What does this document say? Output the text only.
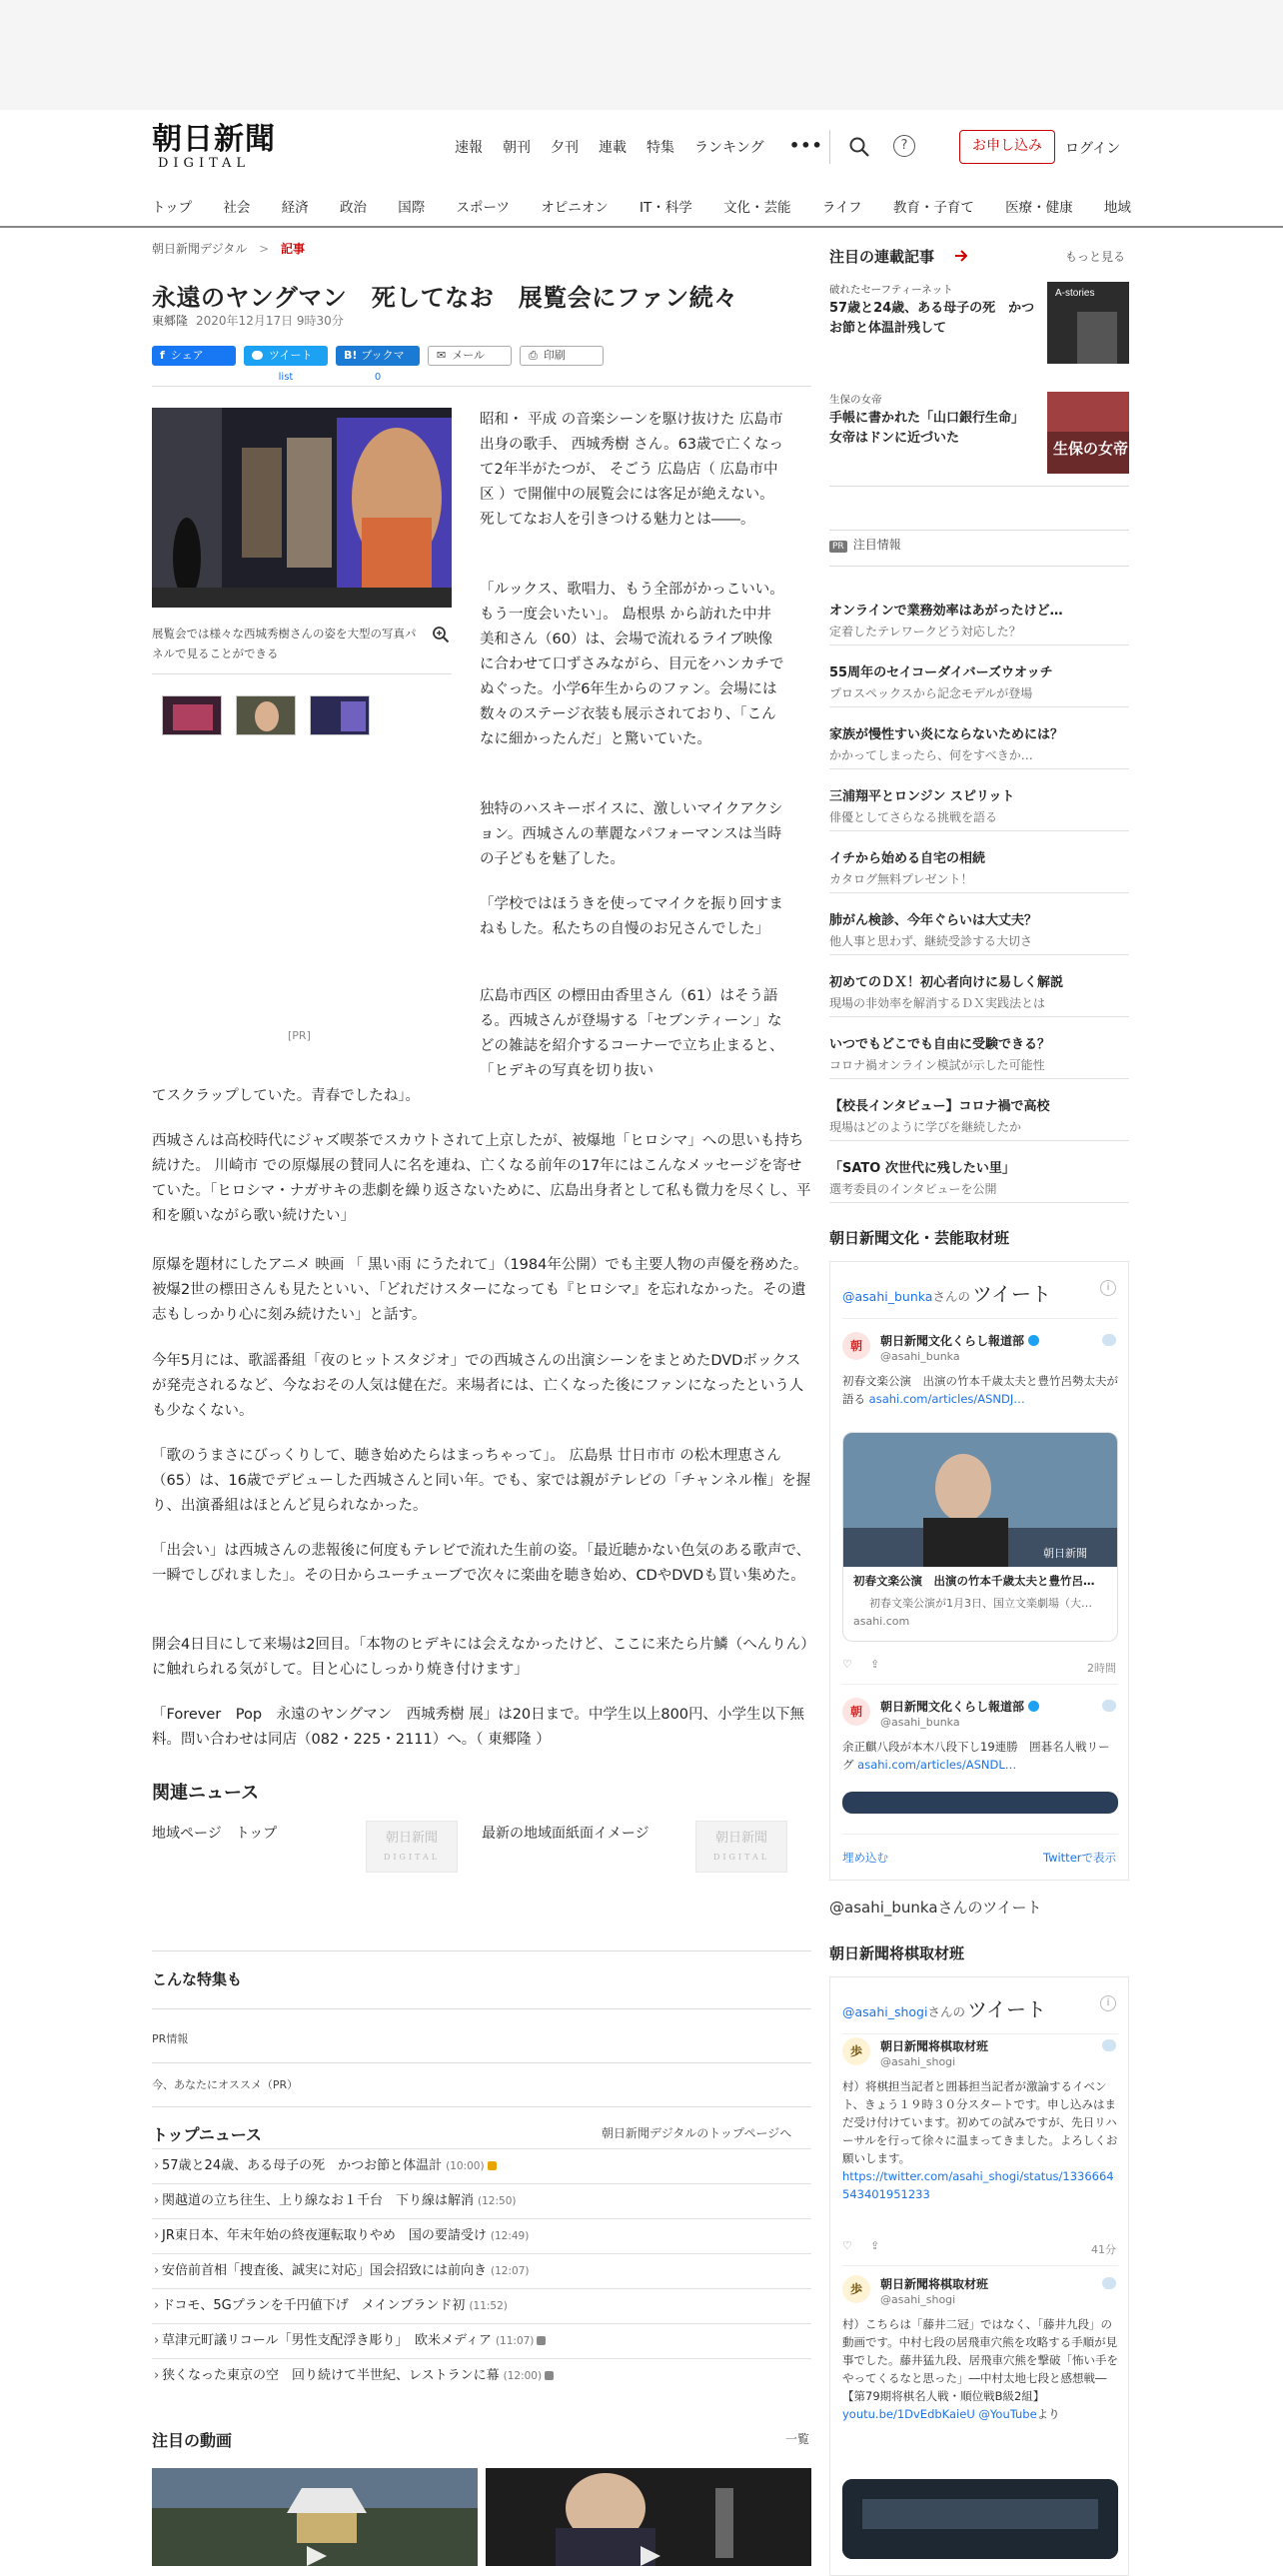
朝日新聞
DIGITAL
速報 朝刊 夕刊 連載 特集 ランキング •••	?	お申し込み	ログイン
トップ 社会 経済 政治 国際 スポーツ オピニオン IT・科学 文化・芸能 ライフ 教育・子育て 医療・健康 地域
朝日新聞デジタル > 記事
永遠のヤングマン　死してなお　展覧会にファン続々
東郷隆 2020年12月17日 9時30分
f シェア	ツイート
list
B! ブックマーク 0
✉ メール	⎙ 印刷
展覧会では様々な西城秀樹さんの姿を大型の写真パネルで見ることができる
[PR]

昭和・ 平成 の音楽シーンを駆け抜けた 広島市 出身の歌手、 西城秀樹 さん。63歳で亡くなって2年半がたつが、 そごう 広島店（ 広島市中区 ）で開催中の展覧会には客足が絶えない。死してなお人を引きつける魅力とは――。

「ルックス、歌唱力、もう全部がかっこいい。もう一度会いたい」。 島根県 から訪れた中井美和さん（60）は、会場で流れるライブ映像に合わせて口ずさみながら、目元をハンカチでぬぐった。小学6年生からのファン。会場には数々のステージ衣装も展示されており、「こんなに細かったんだ」と驚いていた。

独特のハスキーボイスに、激しいマイクアクション。西城さんの華麗なパフォーマンスは当時の子どもを魅了した。

「学校ではほうきを使ってマイクを振り回すまねもした。私たちの自慢のお兄さんでした」

広島市西区 の標田由香里さん（61）はそう語る。西城さんが登場する「セブンティーン」などの雑誌を紹介するコーナーで立ち止まると、「ヒデキの写真を切り抜い

てスクラップしていた。青春でしたね」。

西城さんは高校時代にジャズ喫茶でスカウトされて上京したが、被爆地「ヒロシマ」への思いも持ち続けた。 川崎市 での原爆展の賛同人に名を連ね、亡くなる前年の17年にはこんなメッセージを寄せていた。「ヒロシマ・ナガサキの悲劇を繰り返さないために、広島出身者として私も微力を尽くし、平和を願いながら歌い続けたい」

原爆を題材にしたアニメ 映画 「 黒い雨 にうたれて」（1984年公開）でも主要人物の声優を務めた。被爆2世の標田さんも見たといい、「どれだけスターになっても『ヒロシマ』を忘れなかった。その遺志もしっかり心に刻み続けたい」と話す。

今年5月には、歌謡番組「夜のヒットスタジオ」での西城さんの出演シーンをまとめたDVDボックスが発売されるなど、今なおその人気は健在だ。来場者には、亡くなった後にファンになったという人も少なくない。

「歌のうまさにびっくりして、聴き始めたらはまっちゃって」。 広島県 廿日市市 の松木理恵さん（65）は、16歳でデビューした西城さんと同い年。でも、家では親がテレビの「チャンネル権」を握り、出演番組はほとんど見られなかった。

「出会い」は西城さんの悲報後に何度もテレビで流れた生前の姿。「最近聴かない色気のある歌声で、一瞬でしびれました」。その日からユーチューブで次々に楽曲を聴き始め、CDやDVDも買い集めた。

開会4日目にして来場は2回目。「本物のヒデキには会えなかったけど、ここに来たら片鱗（へんりん）に触れられる気がして。目と心にしっかり焼き付けます」

「Forever　Pop　永遠のヤングマン　西城秀樹 展」は20日まで。中学生以上800円、小学生以下無料。問い合わせは同店（082・225・2111）へ。（ 東郷隆 ）

関連ニュース
地域ページ　トップ	最新の地域面紙面イメージ
朝日新聞
DIGITAL
朝日新聞
DIGITAL
こんな特集も
PR情報
今、あなたにオススメ（PR）
トップニュース	朝日新聞デジタルのトップページへ
› 57歳と24歳、ある母子の死　かつお節と体温計 (10:00)
› 関越道の立ち往生、上り線なお１千台　下り線は解消 (12:50)
› JR東日本、年末年始の終夜運転取りやめ　国の要請受け (12:49)
› 安倍前首相「捜査後、誠実に対応」国会招致には前向き (12:07)
› ドコモ、5Gプランを千円値下げ　メインブランド初 (11:52)
› 草津元町議リコール「男性支配浮き彫り」　欧米メディア (11:07)
› 狭くなった東京の空　回り続けて半世紀、レストランに幕 (12:00)
注目の動画	一覧
注目の連載記事	もっと見る
破れたセーフティーネット
57歳と24歳、ある母子の死　かつお節と体温計残して
A-stories
生保の女帝
手帳に書かれた「山口銀行生命」　女帝はドンに近づいた
生保の女帝
PR 注目情報
オンラインで業務効率はあがったけど…
定着したテレワークどう対応した？
55周年のセイコーダイバーズウオッチ
プロスペックスから記念モデルが登場
家族が慢性すい炎にならないためには？
かかってしまったら、何をすべきか…
三浦翔平とロンジン スピリット
俳優としてさらなる挑戦を語る
イチから始める自宅の相続
カタログ無料プレゼント！
肺がん検診、今年ぐらいは大丈夫？
他人事と思わず、継続受診する大切さ
初めてのＤＸ！初心者向けに易しく解説
現場の非効率を解消するＤＸ実践法とは
いつでもどこでも自由に受験できる？
コロナ禍オンライン模試が示した可能性
【校長インタビュー】コロナ禍で高校
現場はどのように学びを継続したか
「SATO 次世代に残したい里」
選考委員のインタビューを公開
朝日新聞文化・芸能取材班
@asahi_bunkaさんの ツイート	i
朝	朝日新聞文化くらし報道部
@asahi_bunka
初春文楽公演　出演の竹本千歳太夫と豊竹呂勢太夫が語る asahi.com/articles/ASNDJ…
朝日新聞
初春文楽公演　出演の竹本千歳太夫と豊竹呂…
初春文楽公演が1月3日、国立文楽劇場（大…
asahi.com
♡ ⇪	2時間
朝	朝日新聞文化くらし報道部
@asahi_bunka
余正麒八段が本木八段下し19連勝　囲碁名人戦リーグ asahi.com/articles/ASNDL…
埋め込む	Twitterで表示
@asahi_bunkaさんのツイート
朝日新聞将棋取材班
@asahi_shogiさんの ツイート	i
歩	朝日新聞将棋取材班
@asahi_shogi
村）将棋担当記者と囲碁担当記者が激論するイベント、きょう１９時３０分スタートです。申し込みはまだ受け付けています。初めての試みですが、先日リハーサルを行って徐々に温まってきました。よろしくお願いします。
https://twitter.com/asahi_shogi/status/1336664543401951233
♡ ⇪	41分
歩	朝日新聞将棋取材班
@asahi_shogi
村）こちらは「藤井二冠」ではなく、「藤井九段」の動画です。中村七段の居飛車穴熊を攻略する手順が見事でした。藤井猛九段、居飛車穴熊を撃破「怖い手をやってくるなと思った」―中村太地七段と感想戦―【第79期将棋名人戦・順位戦B級2組】 youtu.be/1DvEdbKaieU @YouTubeより
